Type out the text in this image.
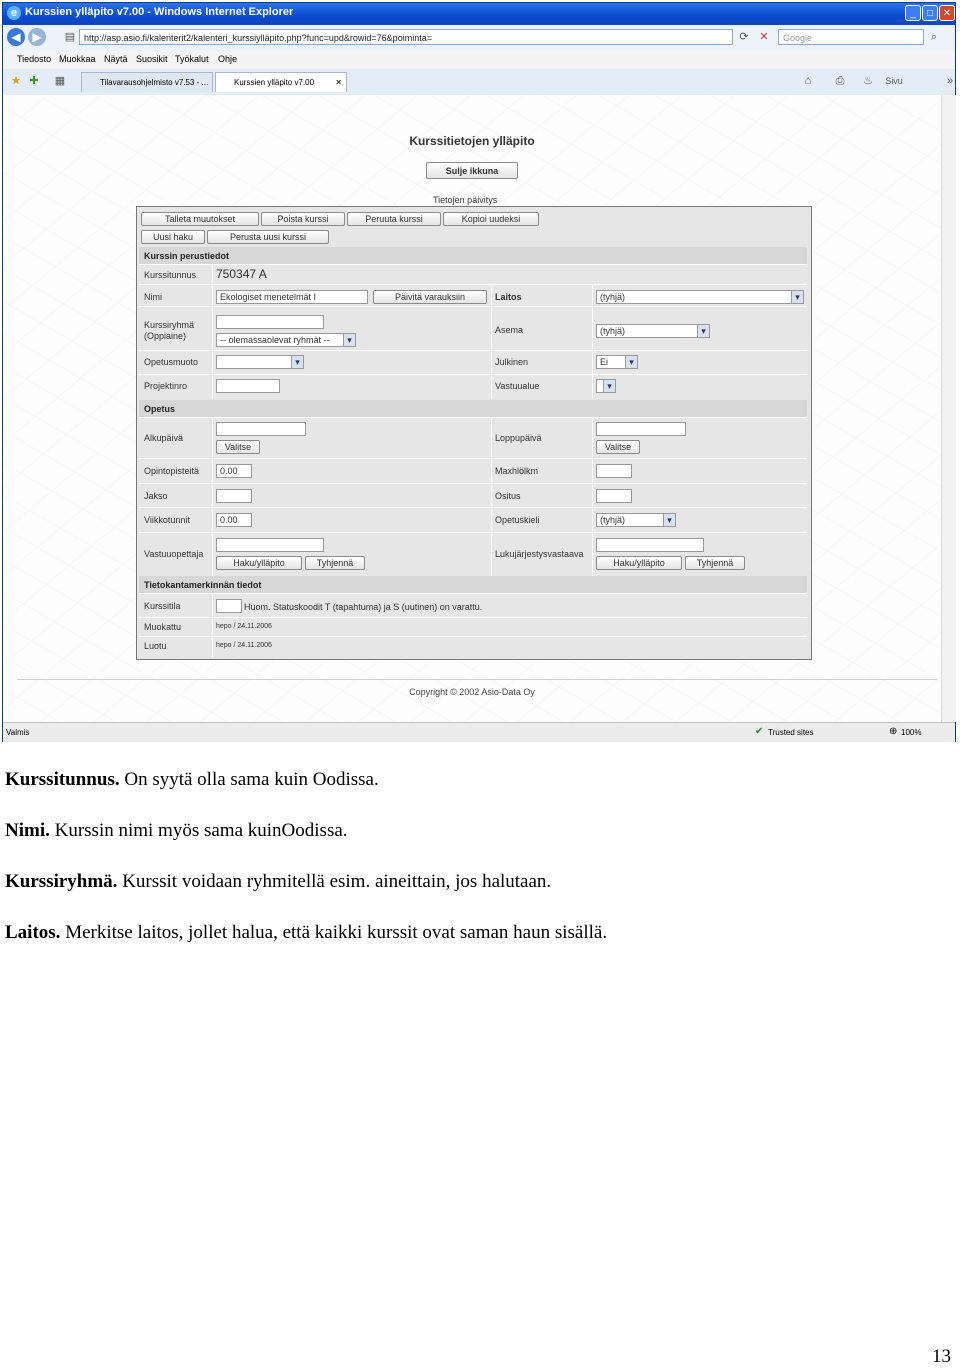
e Kurssien ylläpito v7.00 - Windows Internet Explorer	_	□ ✕
◀ ▶	▤ http://asp.asio.fi/kalenterit2/kalenteri_kurssiylläpito.php?func=upd&rowid=76&poiminta=	⟳ ✕	Google	⌕
Tiedosto Muokkaa Näytä Suosikit Työkalut Ohje
★ ✚ ▦	Tilavarausohjelmisto v7.53 - ...	Kurssien ylläpito v7.00	✕	⌂	⎙ ♨	Sivu	»
Kurssitietojen ylläpito
Sulje ikkuna
Tietojen päivitys
Talleta muutokset	Poista kurssi	Peruuta kurssi	Kopioi uudeksi
Uusi haku	Perusta uusi kurssi
Kurssin perustiedot
Kurssitunnus 750347 A
Nimi	Ekologiset menetelmät I	Päivitä varauksiin	Laitos	(tyhjä) ▾
Kurssiryhmä
(Oppiaine)	-- olemassaolevat ryhmät -- ▾
Asema	(tyhjä) ▾
Opetusmuoto
▾	Julkinen	Ei ▾
Projektinro	Vastuualue
▾
Opetus
Alkupäivä
Valitse
Loppupäivä
Valitse
Opintopisteitä	0.00	Maxhlölkm
Jakso	Ositus
Viikkotunnit	0.00	Opetuskieli	(tyhjä) ▾
Vastuuopettaja
Haku/ylläpito	Tyhjennä
Lukujärjestysvastaava
Haku/ylläpito	Tyhjennä
Tietokantamerkinnän tiedot
Kurssitila	Huom. Statuskoodit T (tapahtuma) ja S (uutinen) on varattu.
Muokattu	hepo / 24.11.2006
Luotu	hepo / 24.11.2006
Copyright © 2002 Asio-Data Oy
Valmis	✔ Trusted sites	⊕ 100%
Kurssitunnus. On syytä olla sama kuin Oodissa.
Nimi. Kurssin nimi myös sama kuinOodissa.
Kurssiryhmä. Kurssit voidaan ryhmitellä esim. aineittain, jos halutaan.
Laitos. Merkitse laitos, jollet halua, että kaikki kurssit ovat saman haun sisällä.
13
